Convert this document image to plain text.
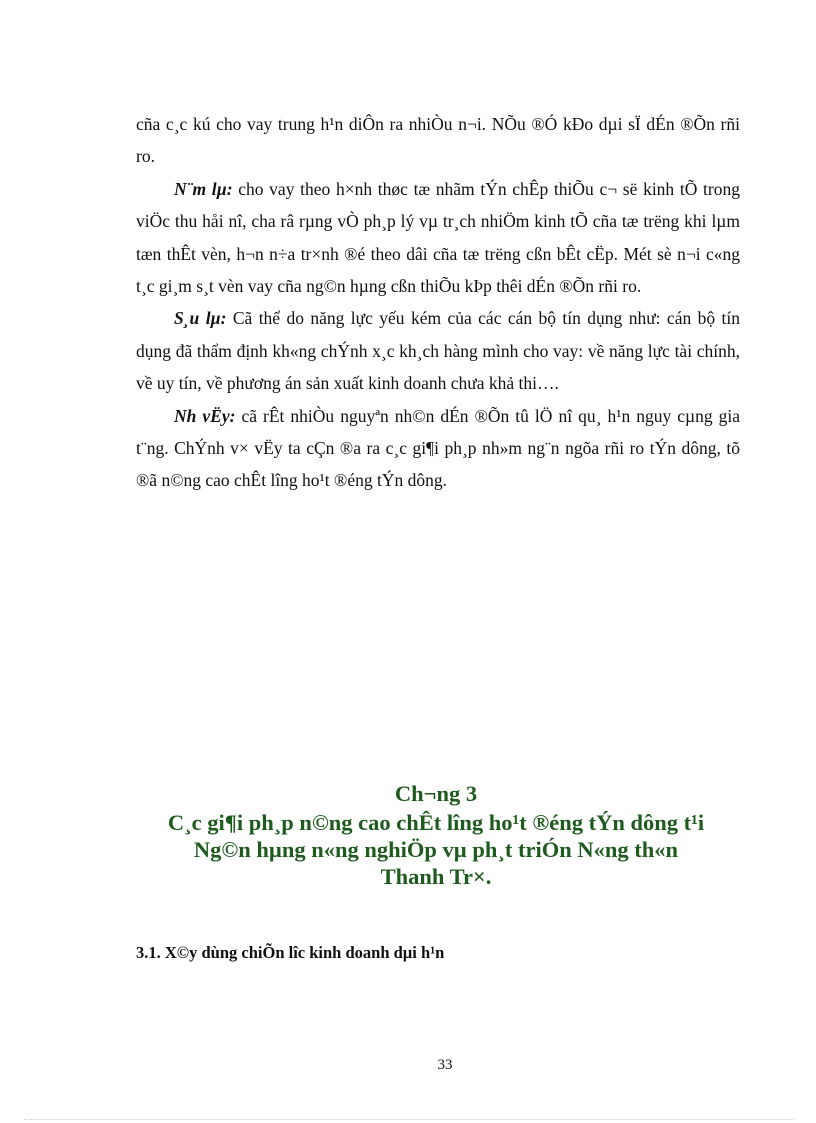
cña c¸c kú cho vay trung h¹n diÔn ra nhiÒu n¬i. NÕu ®Ó kÐo dµi sÏ dÉn ®Õn rñi ro.

N¨m lµ: cho vay theo h×nh thøc tæ nhãm tÝn chÊp thiÕu c¬ së kinh tÕ trong viÖc thu håi nî, cha râ rµng vÒ ph¸p lý vµ tr¸ch nhiÖm kinh tÕ cña tæ trëng khi lµm tæn thÊt vèn, h¬n n÷a tr×nh ®é theo dâi cña tæ trëng cßn bÊt cËp. Mét sè n¬i c«ng t¸c gi¸m s¸t vèn vay cña ng©n hµng cßn thiÕu kÞp thêi dÉn ®Õn rñi ro.

S¸u lµ: Cã thể do năng lực yếu kém của các cán bộ tín dụng như: cán bộ tín dụng đã thẩm định kh«ng chÝnh x¸c kh¸ch hàng mình cho vay: về năng lực tài chính, về uy tín, về phương án sản xuất kinh doanh chưa khả thi….

Nh vËy: cã rÊt nhiÒu nguyªn nh©n dÉn ®Õn tû lÖ nî qu¸ h¹n nguy cµng gia t¨ng. ChÝnh v× vËy ta cÇn ®a ra c¸c gi¶i ph¸p nh»m ng¨n ngõa rñi ro tÝn dông, tõ ®ã n©ng cao chÊt lîng ho¹t ®éng tÝn dông.

Ch¬ng 3
C¸c gi¶i ph¸p n©ng cao chÊt lîng ho¹t ®éng tÝn dông t¹i
Ng©n hµng n«ng nghiÖp vµ ph¸t triÓn N«ng th«n
Thanh Tr×.
3.1. X©y dùng chiÕn lîc kinh doanh dµi h¹n
33
